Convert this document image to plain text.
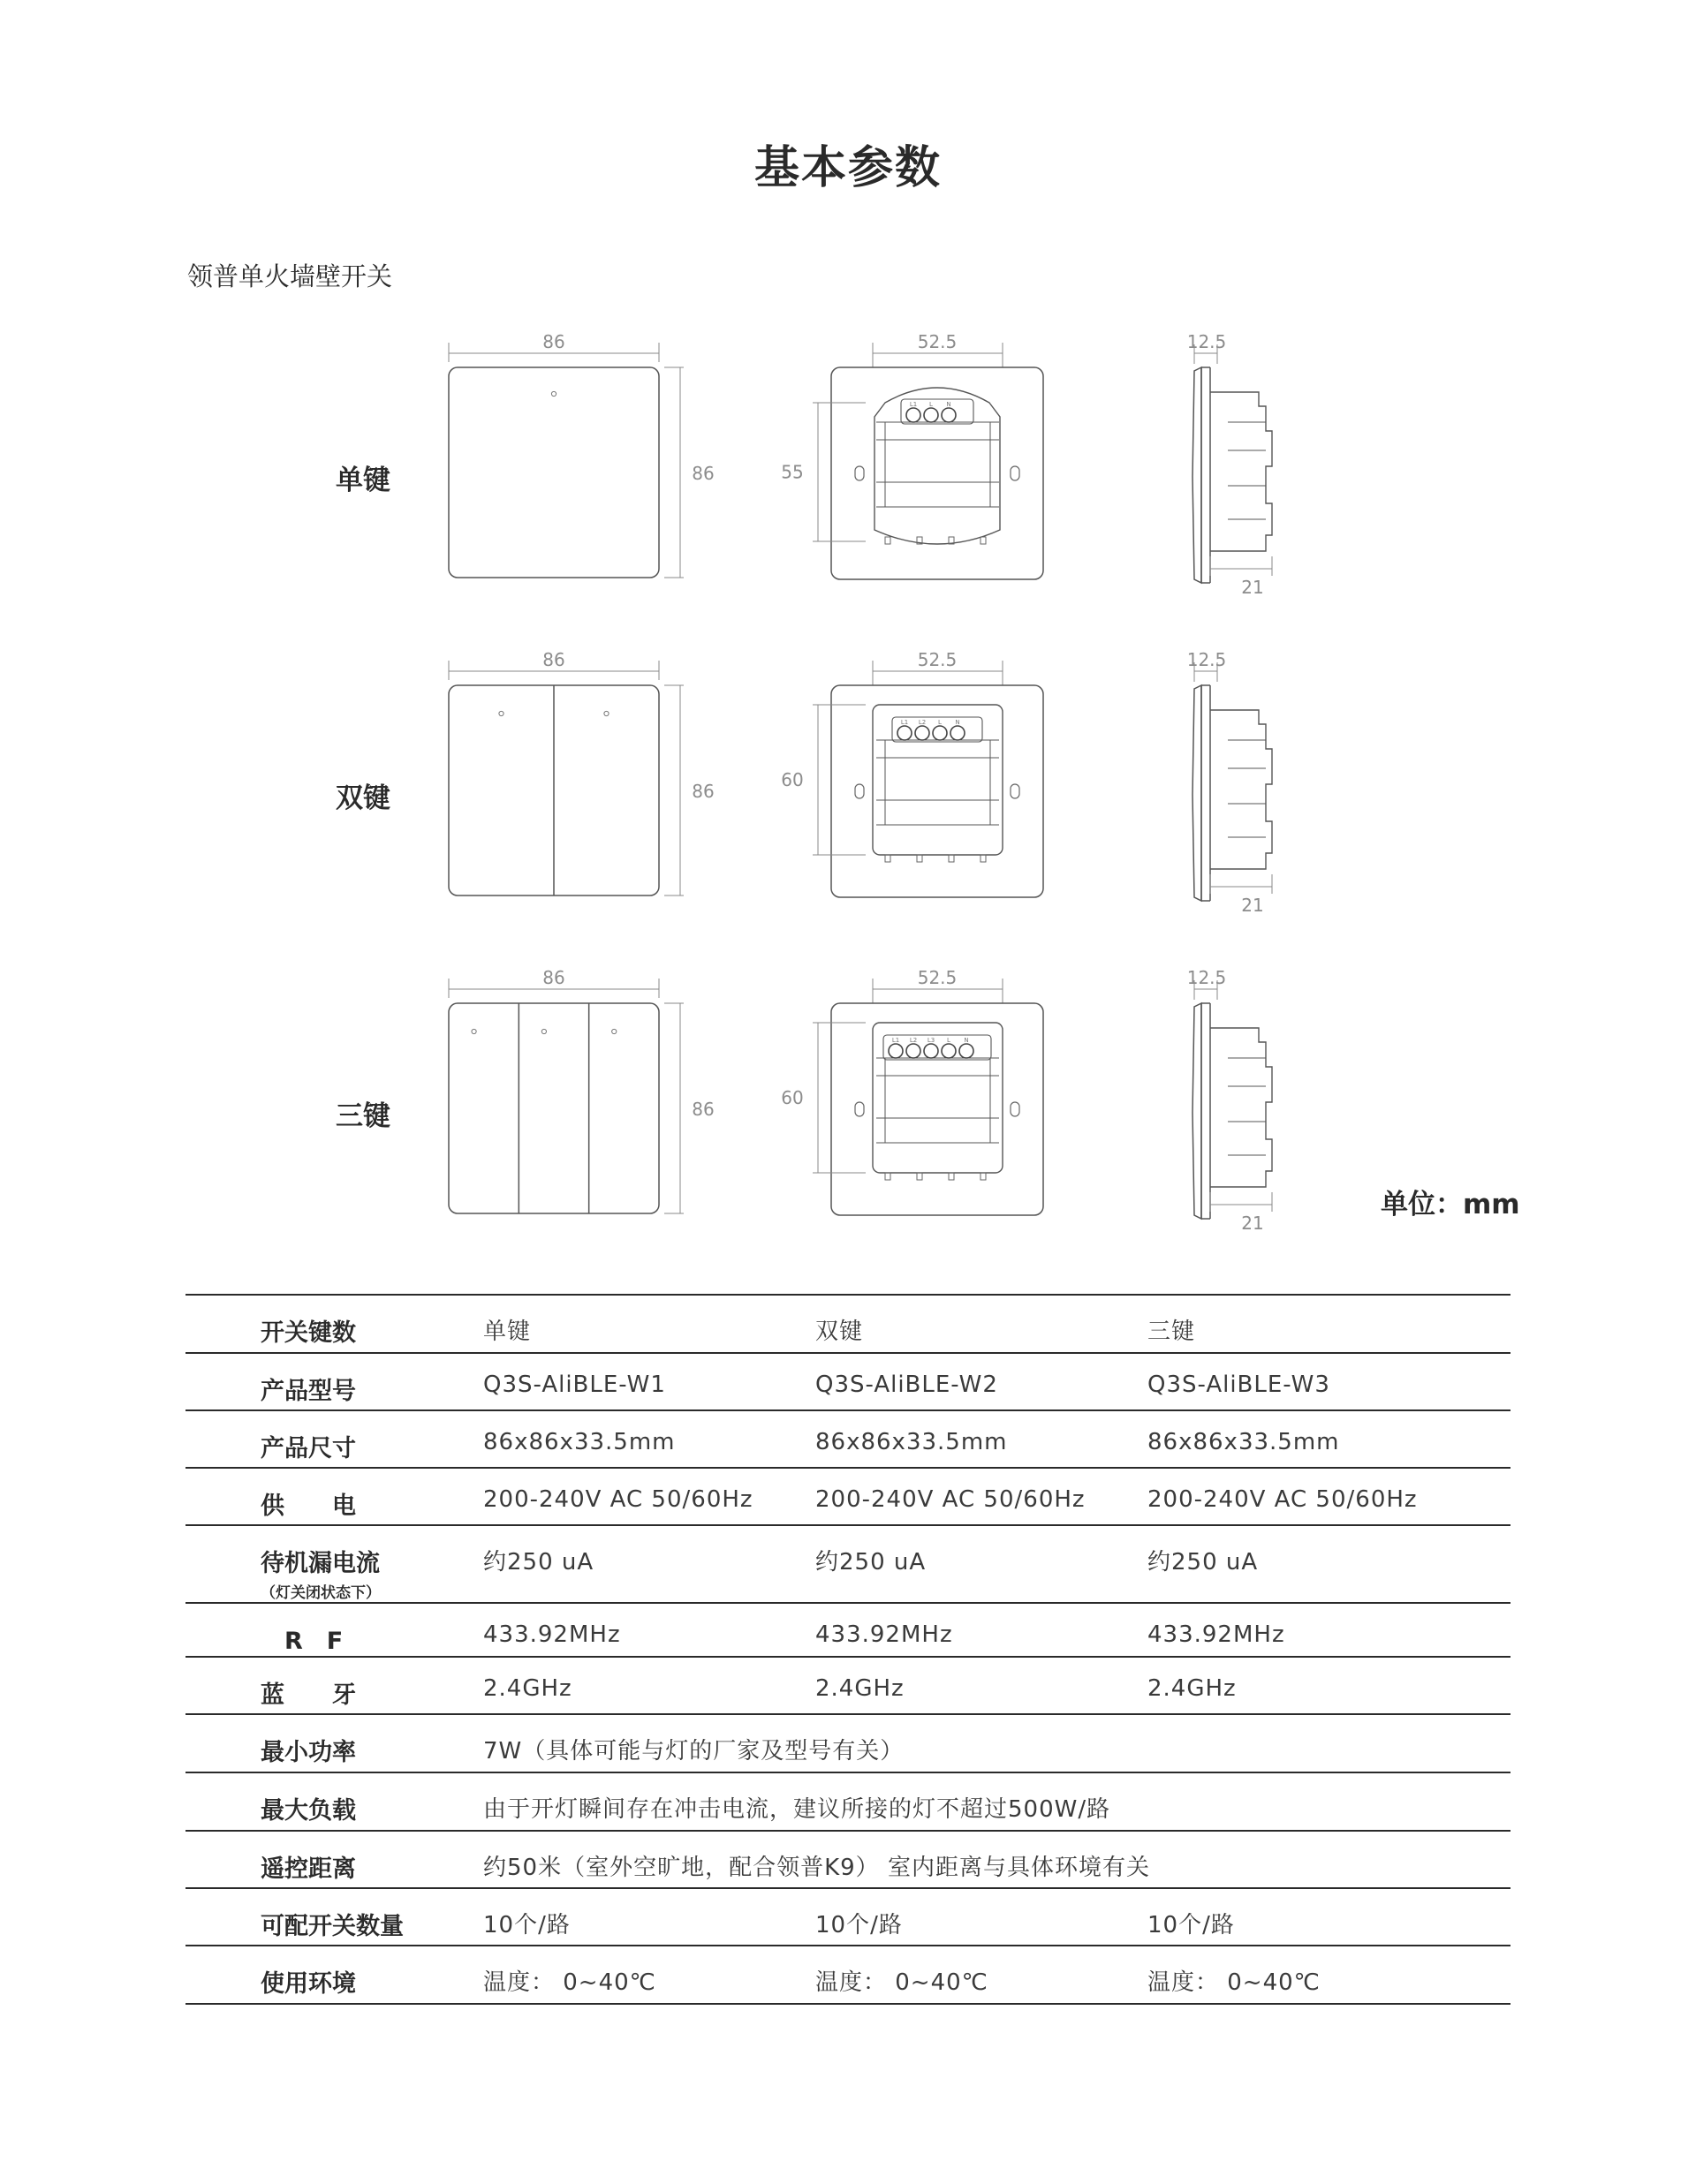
基本参数
领普单火墙壁开关
单键
86
86
52.5
55
L1 L N
12.5
21
双键
86
86
52.5
60
L1 L2 L N
12.5
21
三键
86
86
52.5
60
L1 L2 L3 L N
12.5
21
单位：mm
开关键数	单键	双键	三键

产品型号	Q3S-AliBLE-W1	Q3S-AliBLE-W2	Q3S-AliBLE-W3

产品尺寸	86x86x33.5mm	86x86x33.5mm	86x86x33.5mm

供　　电	200-240V AC 50/60Hz	200-240V AC 50/60Hz	200-240V AC 50/60Hz

待机漏电流
（灯关闭状态下）	约250 uA	约250 uA	约250 uA

　R　F	433.92MHz	433.92MHz	433.92MHz

蓝　　牙	2.4GHz	2.4GHz	2.4GHz

最小功率	7W（具体可能与灯的厂家及型号有关）		

最大负载	由于开灯瞬间存在冲击电流，建议所接的灯不超过500W/路		

遥控距离	约50米（室外空旷地，配合领普K9） 室内距离与具体环境有关		

可配开关数量	10个/路	10个/路	10个/路

使用环境	温度： 0~40℃	温度： 0~40℃	温度： 0~40℃
